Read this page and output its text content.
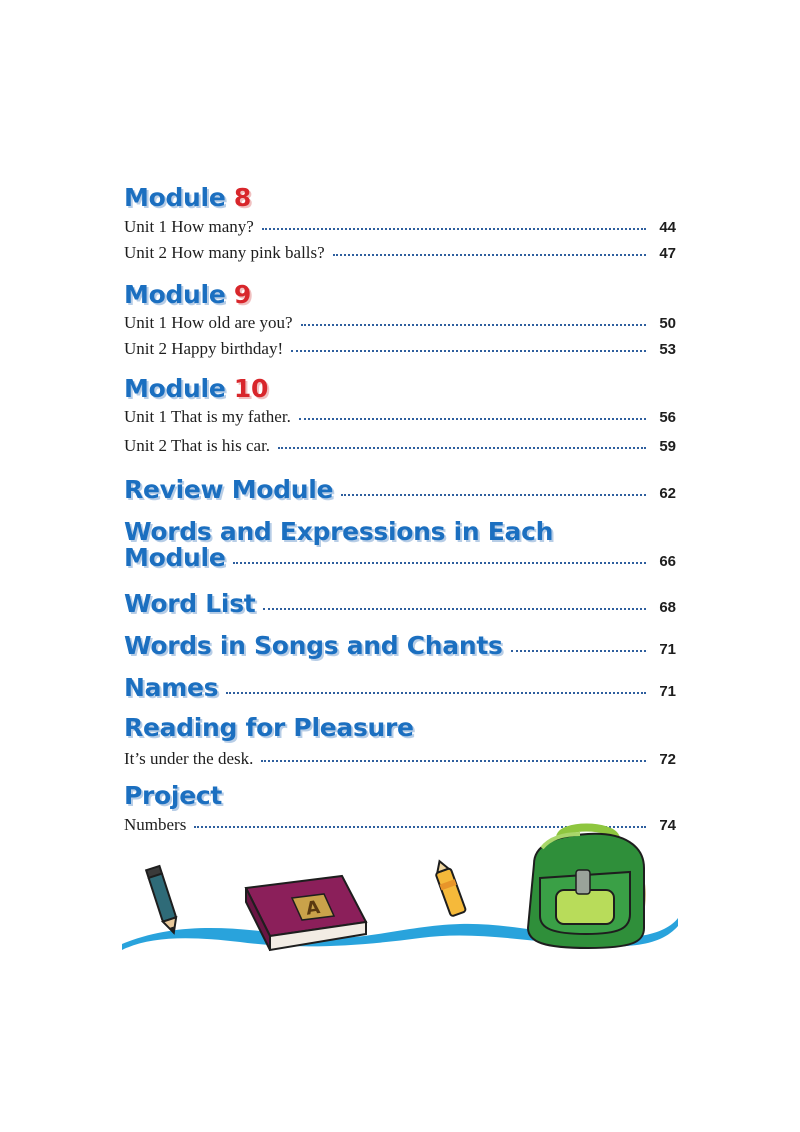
Module 8
Unit 1 How many?	44
Unit 2 How many pink balls?	47
Module 9
Unit 1 How old are you?	50
Unit 2 Happy birthday!	53
Module 10
Unit 1 That is my father.	56
Unit 2 That is his car.	59
Review Module	62
Words and Expressions in Each
Module	66
Word List	68
Words in Songs and Chants	71
Names	71
Reading for Pleasure
It’s under the desk.	72
Project
Numbers	74
A
